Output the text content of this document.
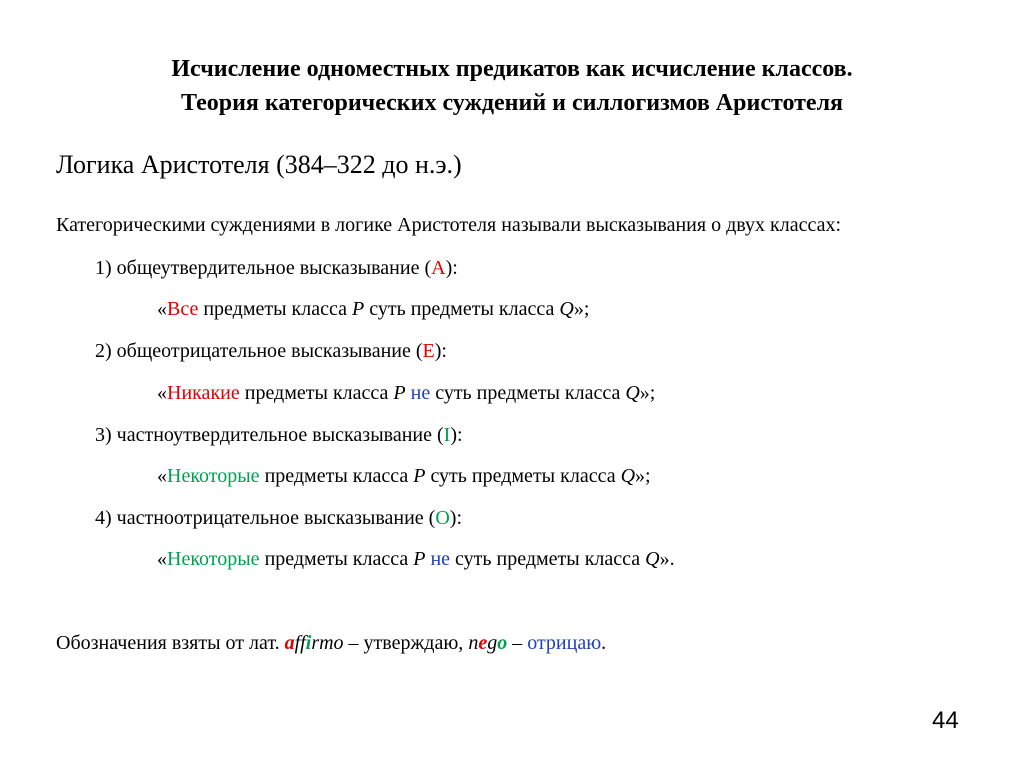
Исчисление одноместных предикатов как исчисление классов.
Теория категорических суждений и силлогизмов Аристотеля
Логика Аристотеля (384–322 до н.э.)
Категорическими суждениями в логике Аристотеля называли высказывания о двух классах:
1) общеутвердительное высказывание (A):
«Все предметы класса P суть предметы класса Q»;
2) общеотрицательное высказывание (E):
«Никакие предметы класса P не суть предметы класса Q»;
3) частноутвердительное высказывание (I):
«Некоторые предметы класса P суть предметы класса Q»;
4) частноотрицательное высказывание (O):
«Некоторые предметы класса P не суть предметы класса Q».
Обозначения взяты от лат. affirmo – утверждаю, nego – отрицаю.
44
